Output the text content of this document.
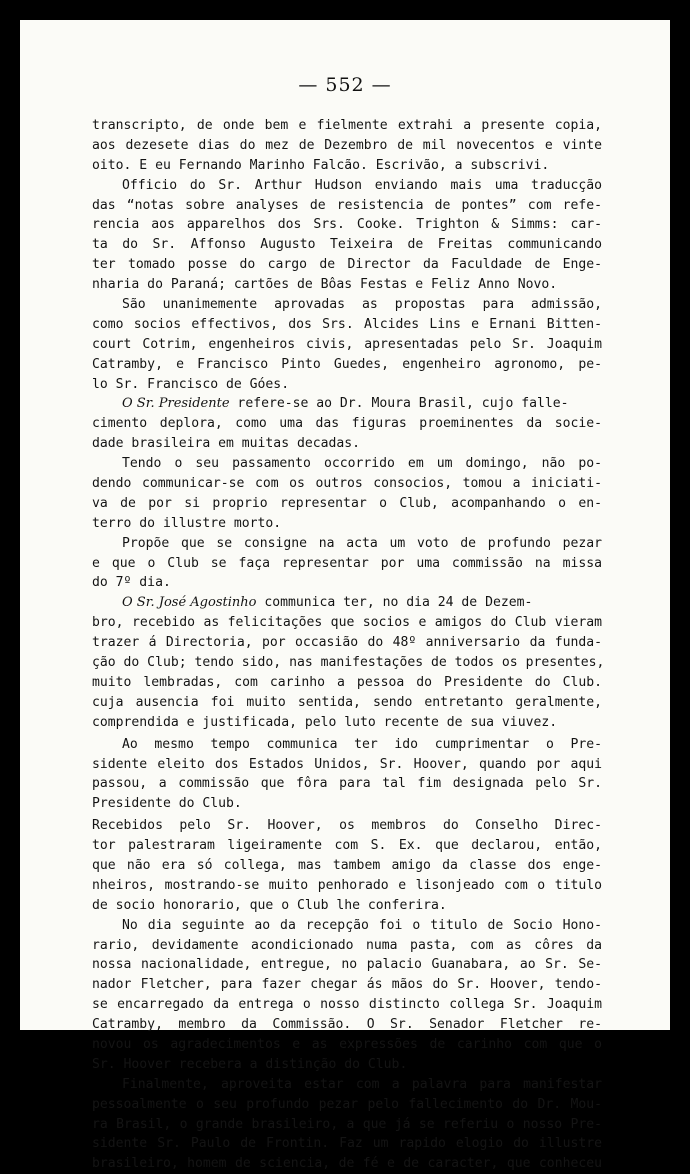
— 552 —
transcripto, de onde bem e fielmente extrahi a presente copia,
aos dezesete dias do mez de Dezembro de mil novecentos e vinte
oito. E eu Fernando Marinho Falcão. Escrivão, a subscrivi.
Officio do Sr. Arthur Hudson enviando mais uma traducção
das “notas sobre analyses de resistencia de pontes” com refe-
rencia aos apparelhos dos Srs. Cooke. Trighton & Simms: car-
ta do Sr. Affonso Augusto Teixeira de Freitas communicando
ter tomado posse do cargo de Director da Faculdade de Enge-
nharia do Paraná; cartões de Bôas Festas e Feliz Anno Novo.
São unanimemente aprovadas as propostas para admissão,
como socios effectivos, dos Srs. Alcides Lins e Ernani Bitten-
court Cotrim, engenheiros civis, apresentadas pelo Sr. Joaquim
Catramby, e Francisco Pinto Guedes, engenheiro agronomo, pe-
lo Sr. Francisco de Góes.
O Sr. Presidente refere-se ao Dr. Moura Brasil, cujo falle-
cimento deplora, como uma das figuras proeminentes da socie-
dade brasileira em muitas decadas.
Tendo o seu passamento occorrido em um domingo, não po-
dendo communicar-se com os outros consocios, tomou a iniciati-
va de por si proprio representar o Club, acompanhando o en-
terro do illustre morto.
Propõe que se consigne na acta um voto de profundo pezar
e que o Club se faça representar por uma commissão na missa
do 7º dia.
O Sr. José Agostinho communica ter, no dia 24 de Dezem-
bro, recebido as felicitações que socios e amigos do Club vieram
trazer á Directoria, por occasião do 48º anniversario da funda-
ção do Club; tendo sido, nas manifestações de todos os presentes,
muito lembradas, com carinho a pessoa do Presidente do Club.
cuja ausencia foi muito sentida, sendo entretanto geralmente,
comprendida e justificada, pelo luto recente de sua viuvez.
Ao mesmo tempo communica ter ido cumprimentar o Pre-
sidente eleito dos Estados Unidos, Sr. Hoover, quando por aqui
passou, a commissão que fôra para tal fim designada pelo Sr.
Presidente do Club.
Recebidos pelo Sr. Hoover, os membros do Conselho Direc-
tor palestraram ligeiramente com S. Ex. que declarou, então,
que não era só collega, mas tambem amigo da classe dos enge-
nheiros, mostrando-se muito penhorado e lisonjeado com o titulo
de socio honorario, que o Club lhe conferira.
No dia seguinte ao da recepção foi o titulo de Socio Hono-
rario, devidamente acondicionado numa pasta, com as côres da
nossa nacionalidade, entregue, no palacio Guanabara, ao Sr. Se-
nador Fletcher, para fazer chegar ás mãos do Sr. Hoover, tendo-
se encarregado da entrega o nosso distincto collega Sr. Joaquim
Catramby, membro da Commissão. O Sr. Senador Fletcher re-
novou os agradecimentos e as expressões de carinho com que o
Sr. Hoover recebera a distinção do Club.
Finalmente, aproveita estar com a palavra para manifestar
pessoalmente o seu profundo pezar pelo fallecimento do Dr. Mou-
ra Brasil, o grande brasileiro, a que já se referiu o nosso Pre-
sidente Sr. Paulo de Frontin. Faz um rapido elogio do illustre
brasileiro, homem de sciencia, de fé e de caracter, que conheceu
